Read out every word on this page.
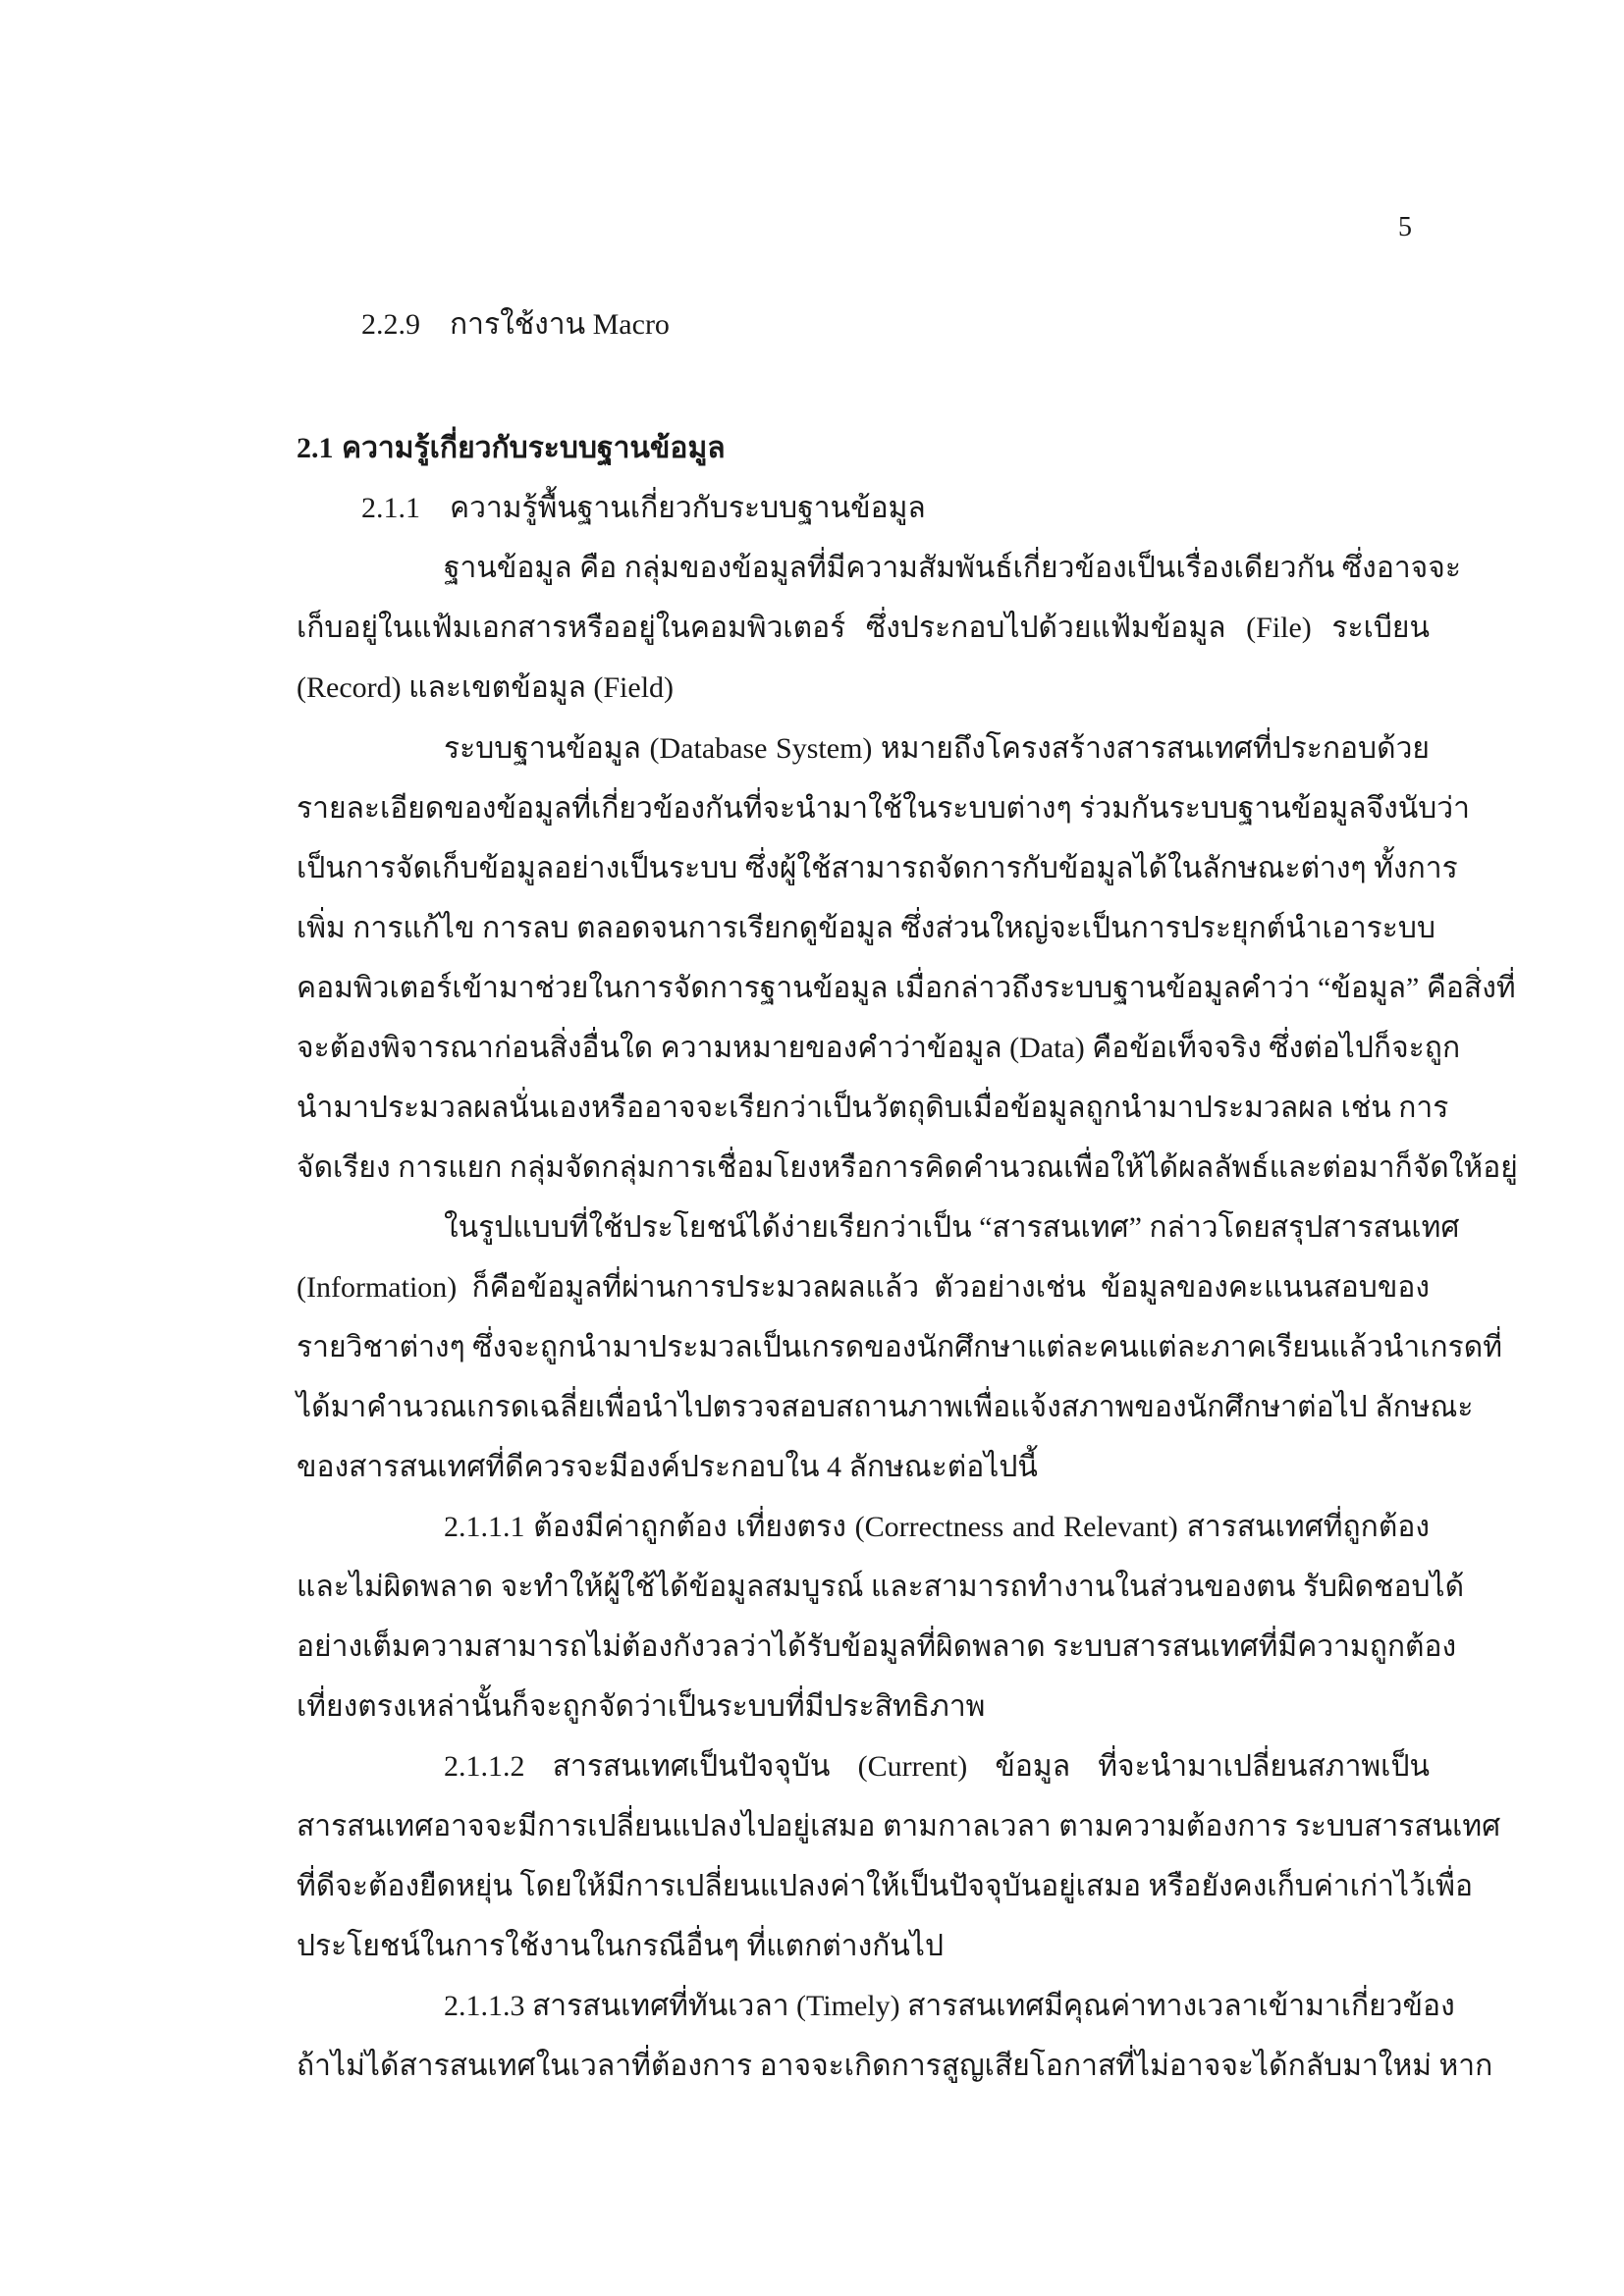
5
2.2.9 การใช้งาน Macro
2.1 ความรู้เกี่ยวกับระบบฐานข้อมูล
2.1.1 ความรู้พื้นฐานเกี่ยวกับระบบฐานข้อมูล
ฐานข้อมูล คือ กลุ่มของข้อมูลที่มีความสัมพันธ์เกี่ยวข้องเป็นเรื่องเดียวกัน ซึ่งอาจจะ
เก็บอยู่ในแฟ้มเอกสารหรืออยู่ในคอมพิวเตอร์ ซึ่งประกอบไปด้วยแฟ้มข้อมูล (File) ระเบียน
(Record) และเขตข้อมูล (Field)
ระบบฐานข้อมูล (Database System) หมายถึงโครงสร้างสารสนเทศที่ประกอบด้วย
รายละเอียดของข้อมูลที่เกี่ยวข้องกันที่จะนำมาใช้ในระบบต่างๆ ร่วมกันระบบฐานข้อมูลจึงนับว่า
เป็นการจัดเก็บข้อมูลอย่างเป็นระบบ ซึ่งผู้ใช้สามารถจัดการกับข้อมูลได้ในลักษณะต่างๆ ทั้งการ
เพิ่ม การแก้ไข การลบ ตลอดจนการเรียกดูข้อมูล ซึ่งส่วนใหญ่จะเป็นการประยุกต์นำเอาระบบ
คอมพิวเตอร์เข้ามาช่วยในการจัดการฐานข้อมูล เมื่อกล่าวถึงระบบฐานข้อมูลคำว่า “ข้อมูล” คือสิ่งที่
จะต้องพิจารณาก่อนสิ่งอื่นใด ความหมายของคำว่าข้อมูล (Data) คือข้อเท็จจริง ซึ่งต่อไปก็จะถูก
นำมาประมวลผลนั่นเองหรืออาจจะเรียกว่าเป็นวัตถุดิบเมื่อข้อมูลถูกนำมาประมวลผล เช่น การ
จัดเรียง การแยก กลุ่มจัดกลุ่มการเชื่อมโยงหรือการคิดคำนวณเพื่อให้ได้ผลลัพธ์และต่อมาก็จัดให้อยู่
ในรูปแบบที่ใช้ประโยชน์ได้ง่ายเรียกว่าเป็น “สารสนเทศ” กล่าวโดยสรุปสารสนเทศ
(Information) ก็คือข้อมูลที่ผ่านการประมวลผลแล้ว ตัวอย่างเช่น ข้อมูลของคะแนนสอบของ
รายวิชาต่างๆ ซึ่งจะถูกนำมาประมวลเป็นเกรดของนักศึกษาแต่ละคนแต่ละภาคเรียนแล้วนำเกรดที่
ได้มาคำนวณเกรดเฉลี่ยเพื่อนำไปตรวจสอบสถานภาพเพื่อแจ้งสภาพของนักศึกษาต่อไป ลักษณะ
ของสารสนเทศที่ดีควรจะมีองค์ประกอบใน 4 ลักษณะต่อไปนี้
2.1.1.1 ต้องมีค่าถูกต้อง เที่ยงตรง (Correctness and Relevant) สารสนเทศที่ถูกต้อง
และไม่ผิดพลาด จะทำให้ผู้ใช้ได้ข้อมูลสมบูรณ์ และสามารถทำงานในส่วนของตน รับผิดชอบได้
อย่างเต็มความสามารถไม่ต้องกังวลว่าได้รับข้อมูลที่ผิดพลาด ระบบสารสนเทศที่มีความถูกต้อง
เที่ยงตรงเหล่านั้นก็จะถูกจัดว่าเป็นระบบที่มีประสิทธิภาพ
2.1.1.2 สารสนเทศเป็นปัจจุบัน (Current) ข้อมูล ที่จะนำมาเปลี่ยนสภาพเป็น
สารสนเทศอาจจะมีการเปลี่ยนแปลงไปอยู่เสมอ ตามกาลเวลา ตามความต้องการ ระบบสารสนเทศ
ที่ดีจะต้องยืดหยุ่น โดยให้มีการเปลี่ยนแปลงค่าให้เป็นปัจจุบันอยู่เสมอ หรือยังคงเก็บค่าเก่าไว้เพื่อ
ประโยชน์ในการใช้งานในกรณีอื่นๆ ที่แตกต่างกันไป
2.1.1.3 สารสนเทศที่ทันเวลา (Timely) สารสนเทศมีคุณค่าทางเวลาเข้ามาเกี่ยวข้อง
ถ้าไม่ได้สารสนเทศในเวลาที่ต้องการ อาจจะเกิดการสูญเสียโอกาสที่ไม่อาจจะได้กลับมาใหม่ หาก
